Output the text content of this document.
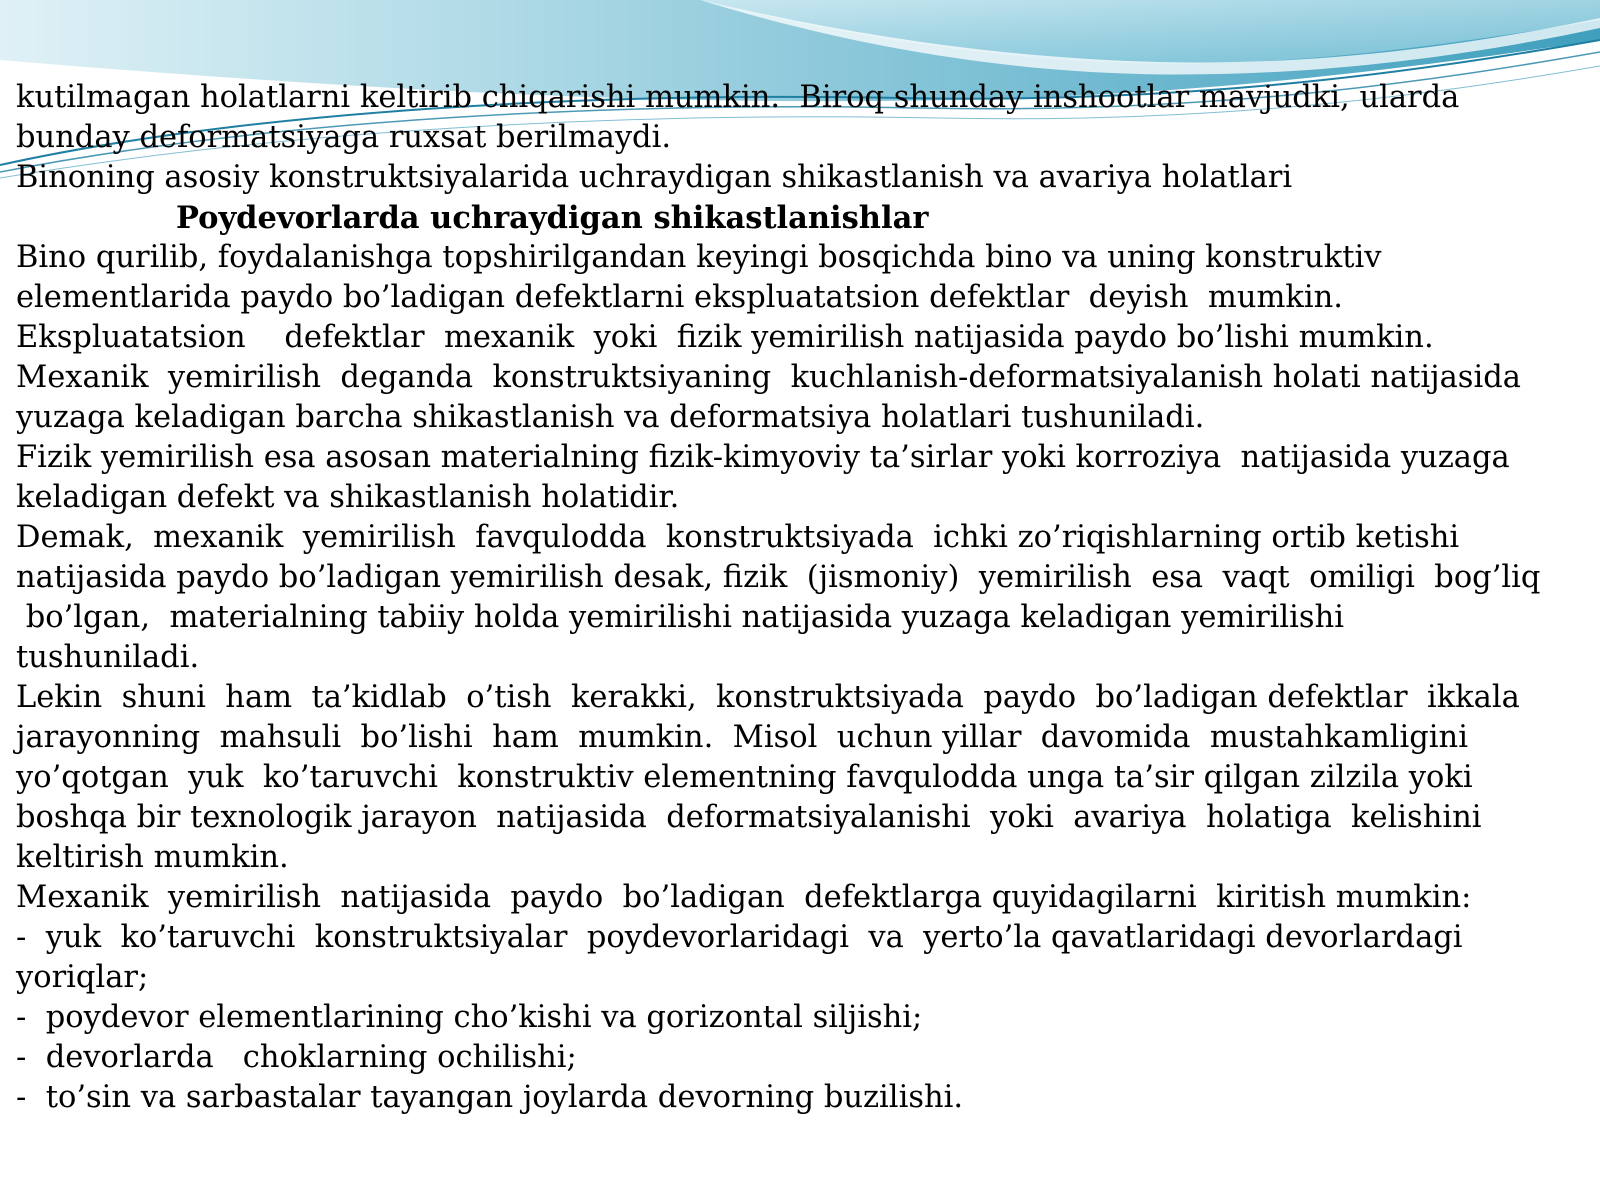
kutilmagan holatlarni keltirib chiqarishi mumkin.  Biroq shunday inshootlar mavjudki, ularda
bunday deformatsiyaga ruxsat berilmaydi.
Binoning asosiy konstruktsiyalarida uchraydigan shikastlanish va avariya holatlari
Poydevorlarda uchraydigan shikastlanishlar
Bino qurilib, foydalanishga topshirilgandan keyingi bosqichda bino va uning konstruktiv
elementlarida paydo bo’ladigan defektlarni ekspluatatsion defektlar  deyish  mumkin.
Ekspluatatsion    defektlar  mexanik  yoki  fizik yemirilish natijasida paydo bo’lishi mumkin.
Mexanik  yemirilish  deganda  konstruktsiyaning  kuchlanish-deformatsiyalanish holati natijasida
yuzaga keladigan barcha shikastlanish va deformatsiya holatlari tushuniladi.
Fizik yemirilish esa asosan materialning fizik-kimyoviy ta’sirlar yoki korroziya  natijasida yuzaga
keladigan defekt va shikastlanish holatidir.
Demak,  mexanik  yemirilish  favqulodda  konstruktsiyada  ichki zo’riqishlarning ortib ketishi
natijasida paydo bo’ladigan yemirilish desak, fizik  (jismoniy)  yemirilish  esa  vaqt  omiligi  bog’liq
bo’lgan,  materialning tabiiy holda yemirilishi natijasida yuzaga keladigan yemirilishi
tushuniladi.
Lekin  shuni  ham  ta’kidlab  o’tish  kerakki,  konstruktsiyada  paydo  bo’ladigan defektlar  ikkala
jarayonning  mahsuli  bo’lishi  ham  mumkin.  Misol  uchun yillar  davomida  mustahkamligini
yo’qotgan  yuk  ko’taruvchi  konstruktiv elementning favqulodda unga ta’sir qilgan zilzila yoki
boshqa bir texnologik jarayon  natijasida  deformatsiyalanishi  yoki  avariya  holatiga  kelishini
keltirish mumkin.
Mexanik  yemirilish  natijasida  paydo  bo’ladigan  defektlarga quyidagilarni  kiritish mumkin:
-  yuk  ko’taruvchi  konstruktsiyalar  poydevorlaridagi  va  yerto’la qavatlaridagi devorlardagi
yoriqlar;
-  poydevor elementlarining cho’kishi va gorizontal siljishi;
-  devorlarda   choklarning ochilishi;
-  to’sin va sarbastalar tayangan joylarda devorning buzilishi.
